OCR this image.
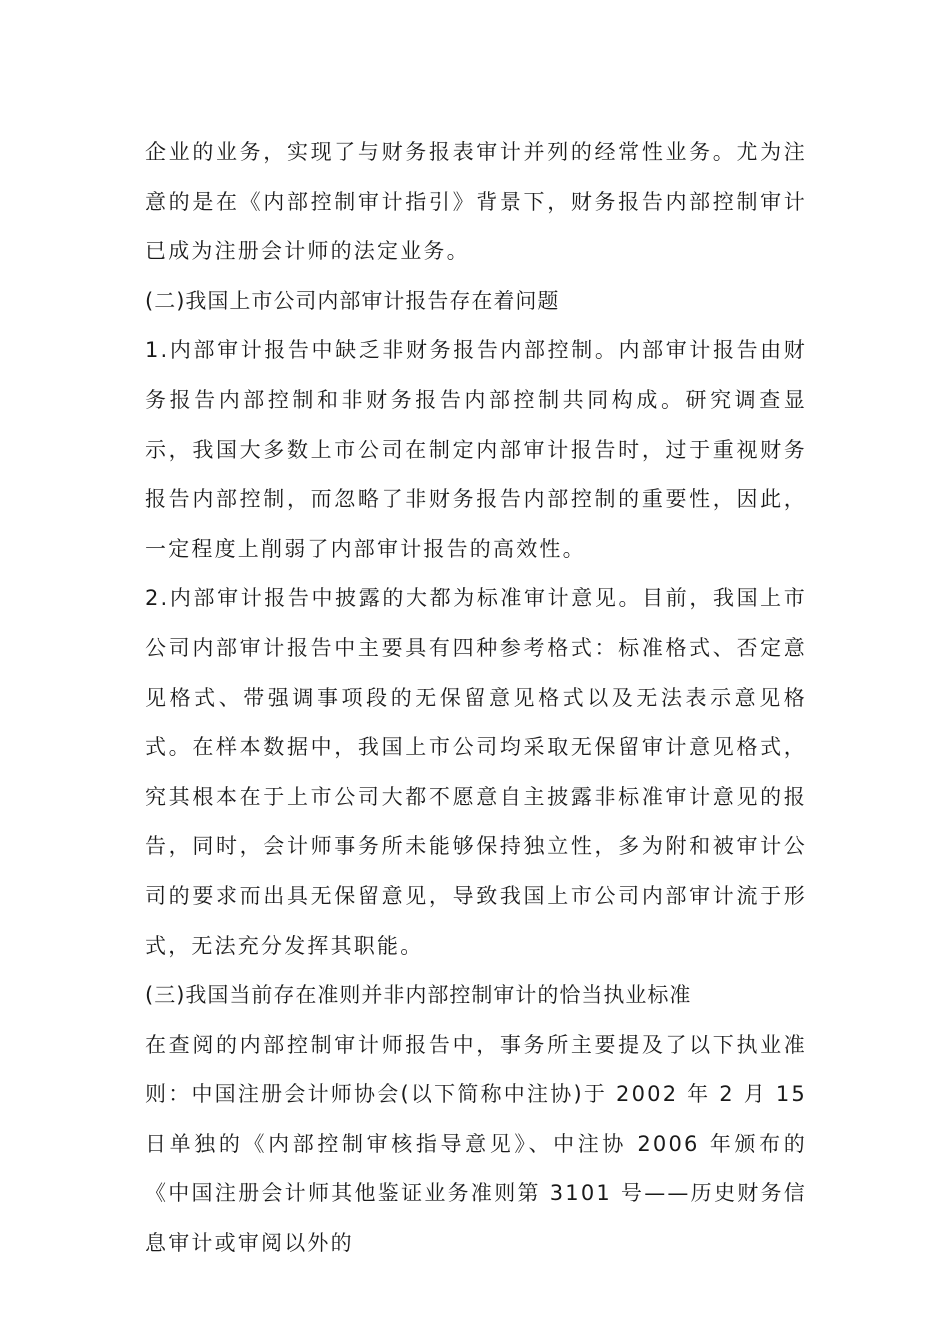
企业的业务，实现了与财务报表审计并列的经常性业务。尤为注意的是在《内部控制审计指引》背景下，财务报告内部控制审计已成为注册会计师的法定业务。

(二)我国上市公司内部审计报告存在着问题

1.内部审计报告中缺乏非财务报告内部控制。内部审计报告由财务报告内部控制和非财务报告内部控制共同构成。研究调查显示，我国大多数上市公司在制定内部审计报告时，过于重视财务报告内部控制，而忽略了非财务报告内部控制的重要性，因此，一定程度上削弱了内部审计报告的高效性。

2.内部审计报告中披露的大都为标准审计意见。目前，我国上市公司内部审计报告中主要具有四种参考格式：标准格式、否定意见格式、带强调事项段的无保留意见格式以及无法表示意见格式。在样本数据中，我国上市公司均采取无保留审计意见格式，究其根本在于上市公司大都不愿意自主披露非标准审计意见的报告，同时，会计师事务所未能够保持独立性，多为附和被审计公司的要求而出具无保留意见，导致我国上市公司内部审计流于形式，无法充分发挥其职能。

(三)我国当前存在准则并非内部控制审计的恰当执业标准

在查阅的内部控制审计师报告中，事务所主要提及了以下执业准则：中国注册会计师协会(以下简称中注协)于 2002 年 2 月 15 日单独的《内部控制审核指导意见》、中注协 2006 年颁布的《中国注册会计师其他鉴证业务准则第 3101 号——历史财务信息审计或审阅以外的
